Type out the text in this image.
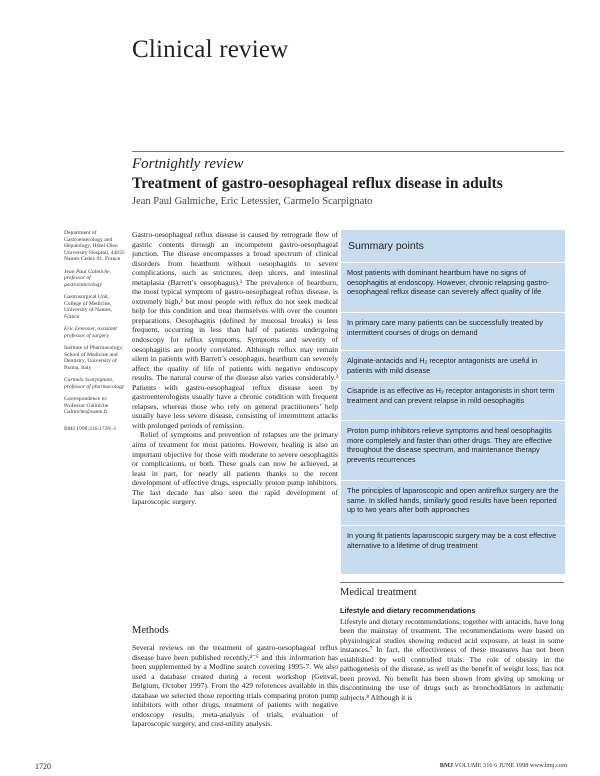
Clinical review
Fortnightly review
Treatment of gastro-oesophageal reflux disease in adults
Jean Paul Galmiche, Eric Letessier, Carmelo Scarpignato

Department of Gastroenterology and Hepatology, Hôtel-Dieu University Hospital, 44035 Nantes Cedex 01, France

Jean Paul Galmiche, professor of gastroenterology

Gastrosurgical Unit, College of Medicine, University of Nantes, France

Eric Letessier, assistant professor of surgery

Institute of Pharmacology, School of Medicine and Dentistry, University of Parma, Italy

Carmelo Scarpignato, professor of pharmacology

Correspondence to: Professor Galmiche Galmiche@sante.fr

BMJ 1998;316:1720–3

Gastro-oesophageal reflux disease is caused by retrograde flow of gastric contents through an incompetent gastro-oesophageal junction. The disease encompasses a broad spectrum of clinical disorders from heartburn without oesophagitis to severe complications, such as strictures, deep ulcers, and intestinal metaplasia (Barrett’s oesophagus).¹ The prevalence of heartburn, the most typical symptom of gastro-oesophageal reflux disease, is extremely high,² but most people with reflux do not seek medical help for this condition and treat themselves with over the counter preparations. Oesophagitis (defined by mucosal breaks) is less frequent, occurring in less than half of patients undergoing endoscopy for reflux symptoms. Symptoms and severity of oesophagitis are poorly correlated. Although reflux may remain silent in patients with Barrett’s oesophagus, heartburn can severely affect the quality of life of patients with negative endoscopy results. The natural course of the disease also varies considerably.³ Patients with gastro-oesophageal reflux disease seen by gastroenterologists usually have a chronic condition with frequent relapses, whereas those who rely on general practitioners’ help usually have less severe disease, consisting of intermittent attacks with prolonged periods of remission.

Relief of symptoms and prevention of relapses are the primary aims of treatment for most patients. However, healing is also an important objective for those with moderate to severe oesophagitis or complications, or both. These goals can now be achieved, at least in part, for nearly all patients thanks to the recent development of effective drugs, especially proton pump inhibitors. The last decade has also seen the rapid development of laparoscopic surgery.

Methods

Several reviews on the treatment of gastro-oesophageal reflux disease have been published recently,⁴⁻⁶ and this information has been supplemented by a Medline search covering 1995-7. We also used a database created during a recent workshop (Genval, Belgium, October 1997). From the 429 references available in this database we selected those reporting trials comparing proton pump inhibitors with other drugs, treatment of patients with negative endoscopy results, meta-analysis of trials, evaluation of laparoscopic surgery, and cost-utility analysis.

Summary points
Most patients with dominant heartburn have no signs of oesophagitis at endoscopy. However, chronic relapsing gastro-oesophageal reflux disease can severely affect quality of life
In primary care many patients can be successfully treated by intermittent courses of drugs on demand
Alginate-antacids and H₂ receptor antagonists are useful in patients with mild disease
Cisapride is as effective as H₂ receptor antagonists in short term treatment and can prevent relapse in mild oesophagitis
Proton pump inhibitors relieve symptoms and heal oesophagitis more completely and faster than other drugs. They are effective throughout the disease spectrum, and maintenance therapy prevents recurrences
The principles of laparoscopic and open antireflux surgery are the same. In skilled hands, similarly good results have been reported up to two years after both approaches
In young fit patients laparoscopic surgery may be a cost effective alternative to a lifetime of drug treatment
Medical treatment
Lifestyle and dietary recommendations

Lifestyle and dietary recommendations, together with antacids, have long been the mainstay of treatment. The recommendations were based on physiological studies showing reduced acid exposure, at least in some instances.⁷ In fact, the effectiveness of these measures has not been established by well controlled trials. The role of obesity in the pathogenesis of the disease, as well as the benefit of weight loss, has not been proved. No benefit has been shown from giving up smoking or discontinuing the use of drugs such as bronchodilators in asthmatic subjects.⁸ Although it is

1720	BMJ VOLUME 316 6 JUNE 1998 www.bmj.com
